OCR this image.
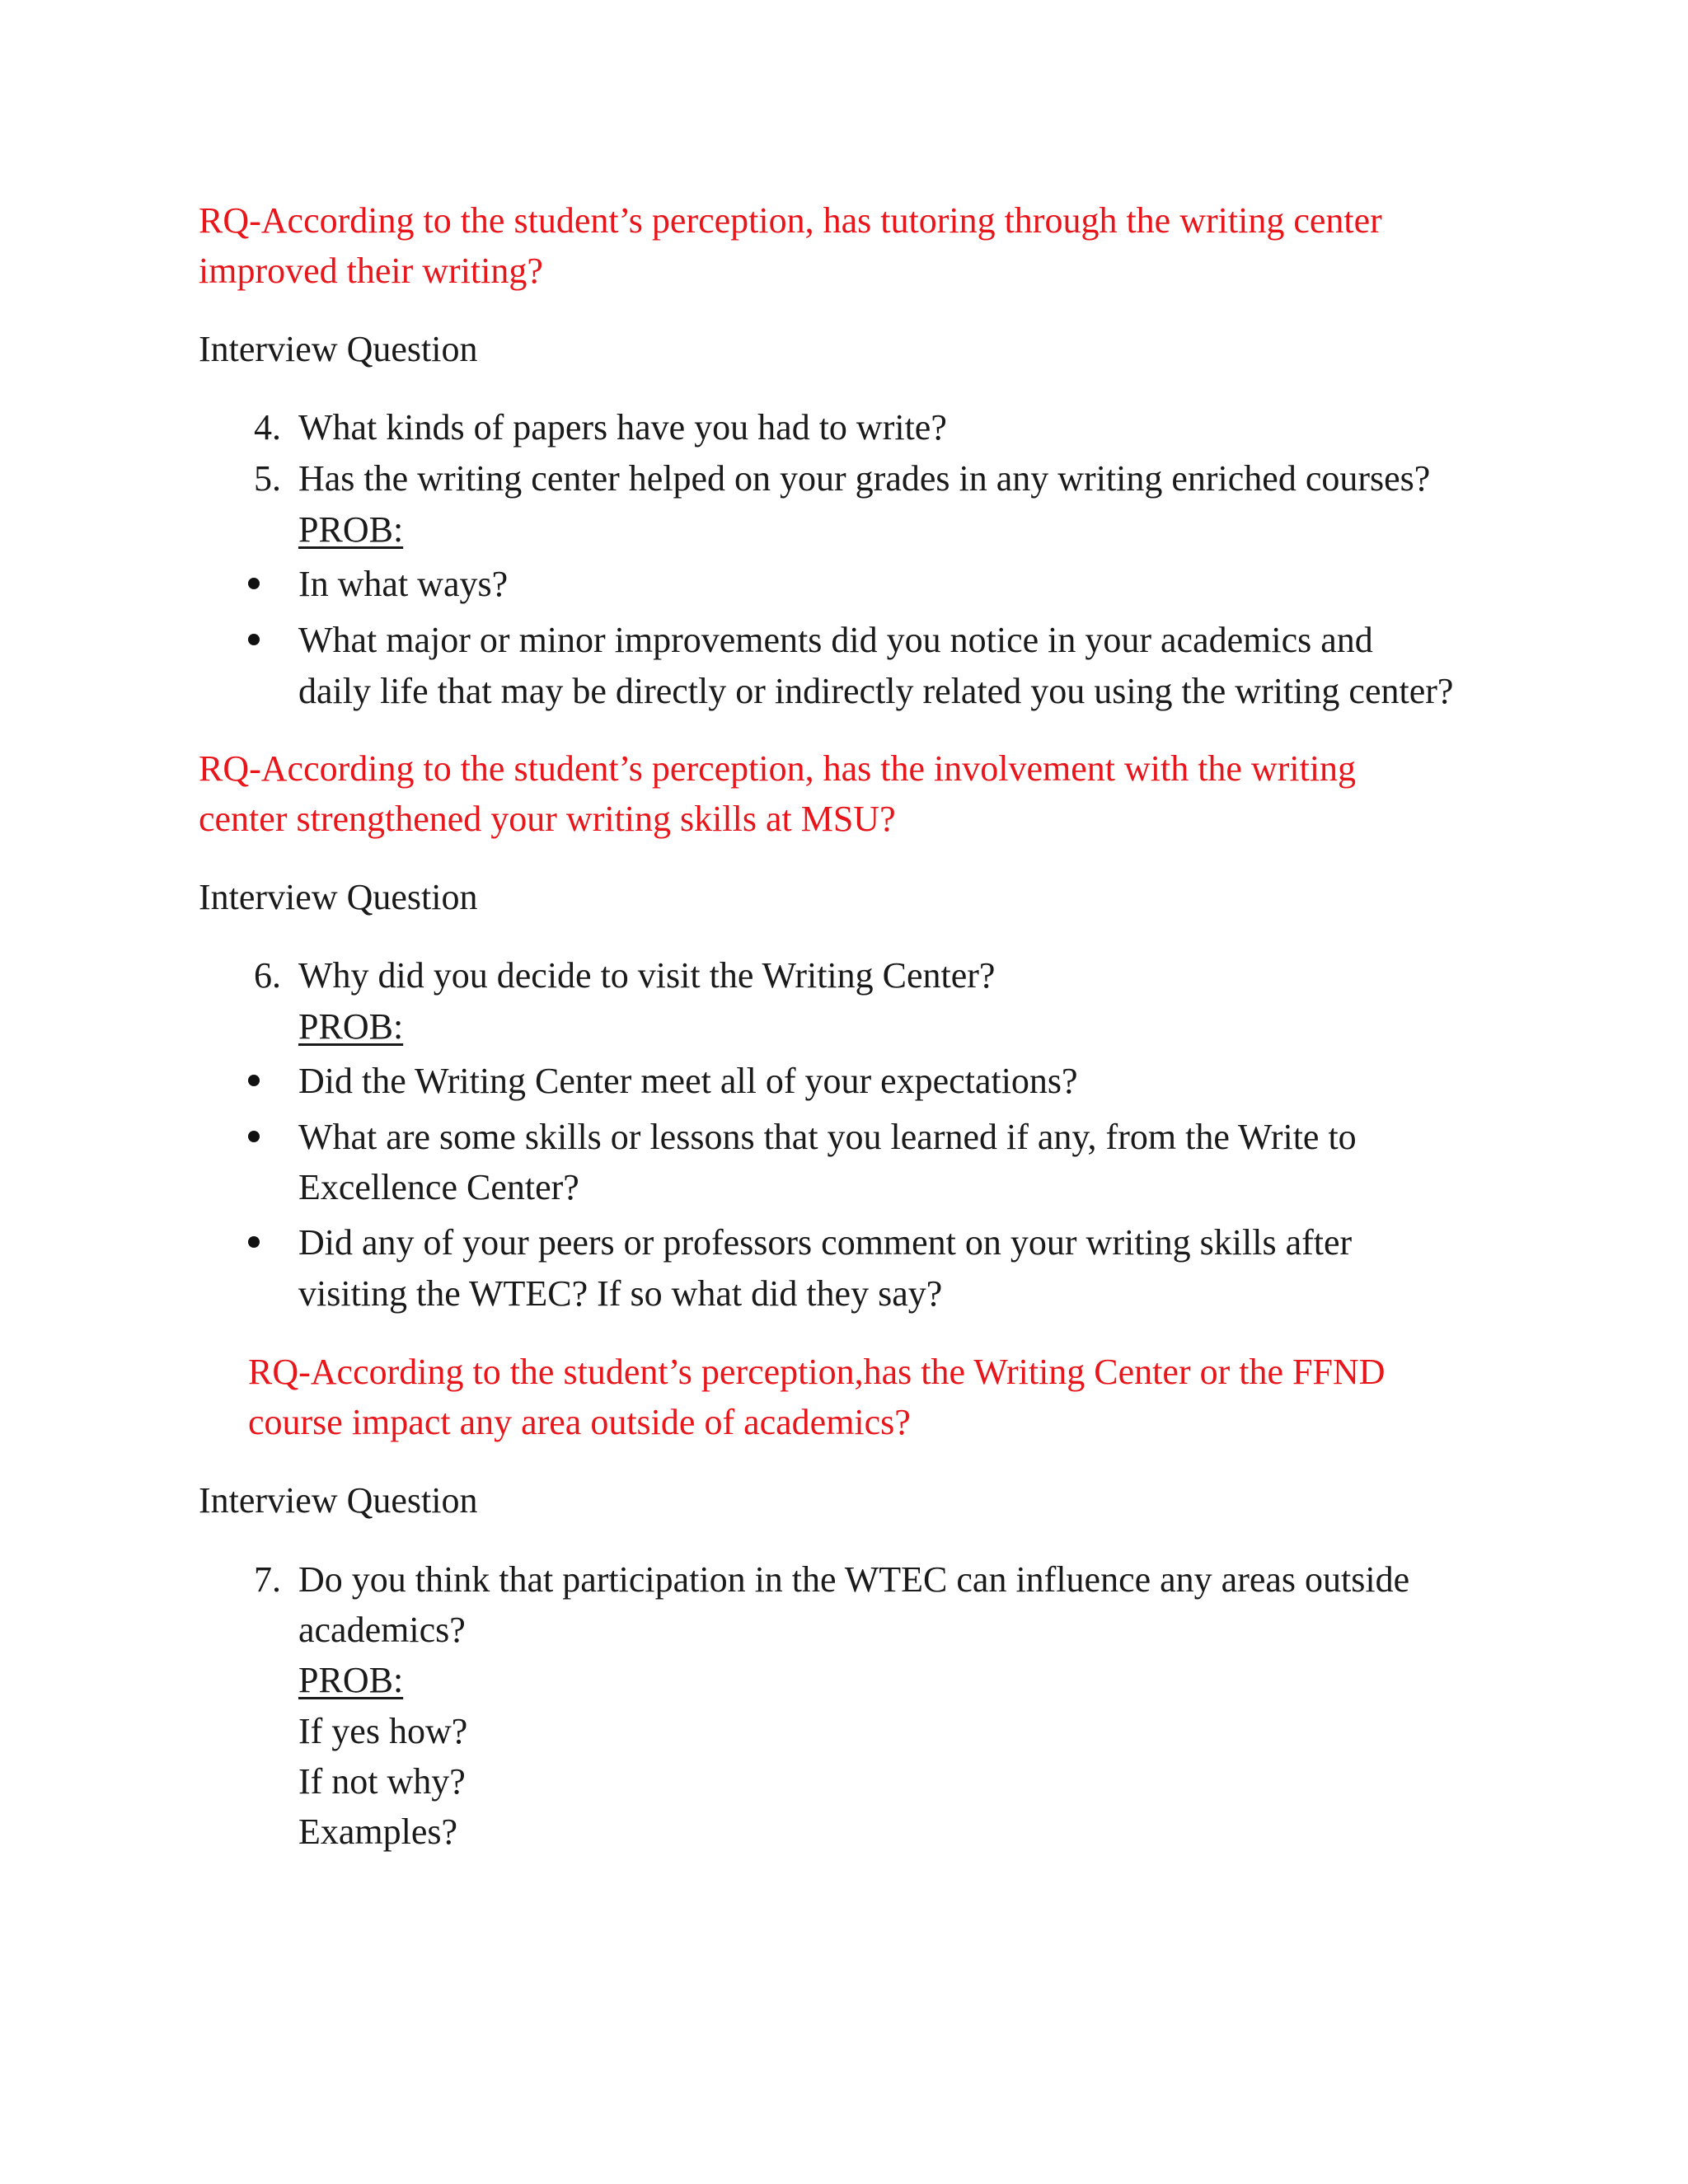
RQ-According to the student’s perception, has tutoring through the writing center
improved their writing?
Interview Question
4. What kinds of papers have you had to write?
5. Has the writing center helped on your grades in any writing enriched courses?
PROB:
In what ways?
What major or minor improvements did you notice in your academics and
daily life that may be directly or indirectly related you using the writing center?
RQ-According to the student’s perception, has the involvement with the writing
center strengthened your writing skills at MSU?
Interview Question
6. Why did you decide to visit the Writing Center?
PROB:
Did the Writing Center meet all of your expectations?
What are some skills or lessons that you learned if any, from the Write to
Excellence Center?
Did any of your peers or professors comment on your writing skills after
visiting the WTEC? If so what did they say?
RQ-According to the student’s perception,has the Writing Center or the FFND
course impact any area outside of academics?
Interview Question
7. Do you think that participation in the WTEC can influence any areas outside
academics?
PROB:
If yes how?
If not why?
Examples?
